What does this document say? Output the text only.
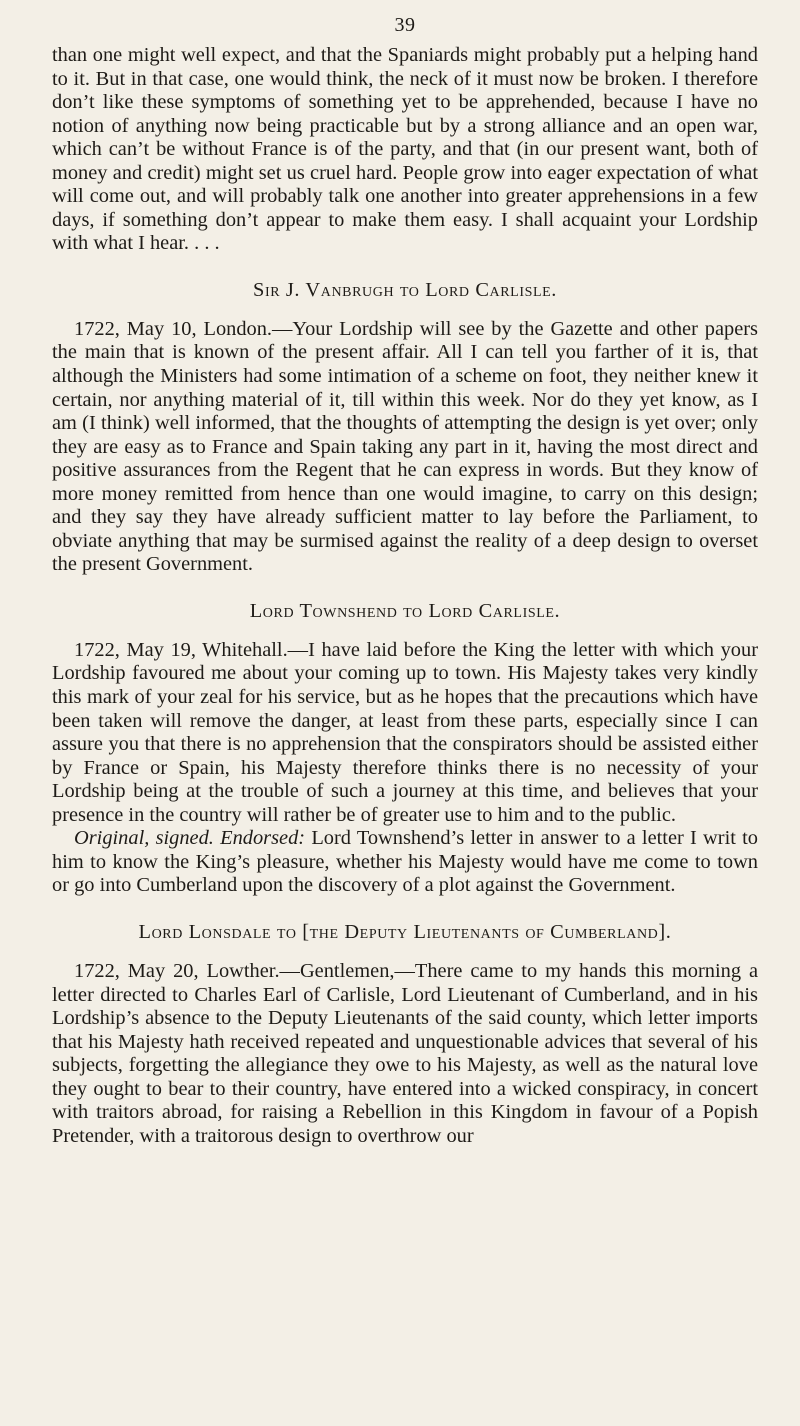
39

than one might well expect, and that the Spaniards might probably put a helping hand to it. But in that case, one would think, the neck of it must now be broken. I therefore don’t like these symptoms of something yet to be apprehended, because I have no notion of anything now being practicable but by a strong alliance and an open war, which can’t be without France is of the party, and that (in our present want, both of money and credit) might set us cruel hard. People grow into eager expectation of what will come out, and will probably talk one another into greater apprehensions in a few days, if something don’t appear to make them easy. I shall acquaint your Lordship with what I hear. . . .

Sir J. Vanbrugh to Lord Carlisle.

1722, May 10, London.—Your Lordship will see by the Gazette and other papers the main that is known of the present affair. All I can tell you farther of it is, that although the Ministers had some intimation of a scheme on foot, they neither knew it certain, nor anything material of it, till within this week. Nor do they yet know, as I am (I think) well informed, that the thoughts of attempting the design is yet over; only they are easy as to France and Spain taking any part in it, having the most direct and positive assurances from the Regent that he can express in words. But they know of more money remitted from hence than one would imagine, to carry on this design; and they say they have already sufficient matter to lay before the Parliament, to obviate anything that may be surmised against the reality of a deep design to overset the present Government.

Lord Townshend to Lord Carlisle.

1722, May 19, Whitehall.—I have laid before the King the letter with which your Lordship favoured me about your coming up to town. His Majesty takes very kindly this mark of your zeal for his service, but as he hopes that the precautions which have been taken will remove the danger, at least from these parts, especially since I can assure you that there is no apprehension that the conspirators should be assisted either by France or Spain, his Majesty therefore thinks there is no necessity of your Lordship being at the trouble of such a journey at this time, and believes that your presence in the country will rather be of greater use to him and to the public.

Original, signed. Endorsed: Lord Townshend’s letter in answer to a letter I writ to him to know the King’s pleasure, whether his Majesty would have me come to town or go into Cumberland upon the discovery of a plot against the Government.

Lord Lonsdale to [the Deputy Lieutenants of Cumberland].

1722, May 20, Lowther.—Gentlemen,—There came to my hands this morning a letter directed to Charles Earl of Carlisle, Lord Lieutenant of Cumberland, and in his Lordship’s absence to the Deputy Lieutenants of the said county, which letter imports that his Majesty hath received repeated and unquestionable advices that several of his subjects, forgetting the allegiance they owe to his Majesty, as well as the natural love they ought to bear to their country, have entered into a wicked conspiracy, in concert with traitors abroad, for raising a Rebellion in this Kingdom in favour of a Popish Pretender, with a traitorous design to overthrow our
